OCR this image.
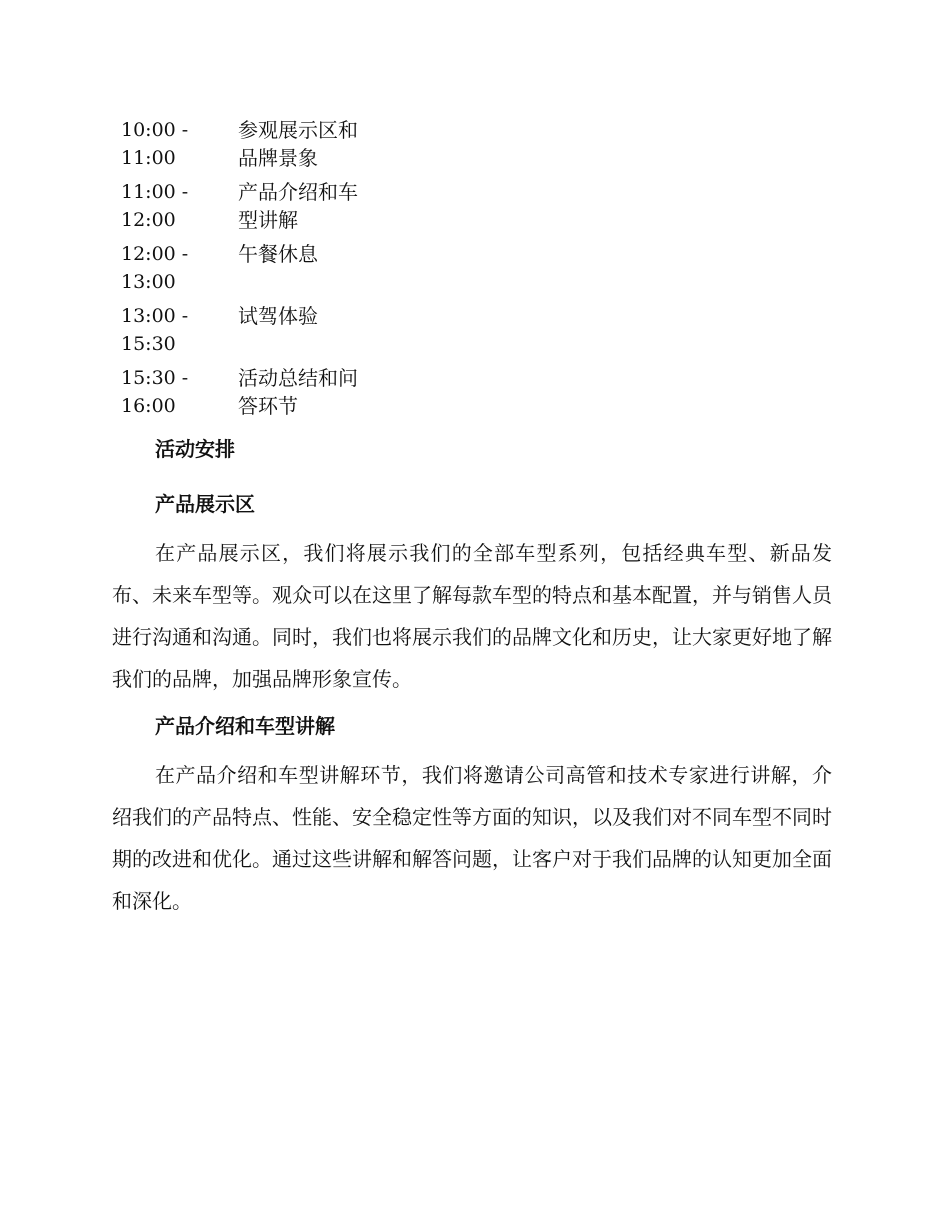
10:00 - 11:00
参观展示区和品牌景象
11:00 - 12:00
产品介绍和车型讲解
12:00 - 13:00
午餐休息
13:00 - 15:30
试驾体验
15:30 - 16:00
活动总结和问答环节
活动安排
产品展示区

在产品展示区，我们将展示我们的全部车型系列，包括经典车型、新品发布、未来车型等。观众可以在这里了解每款车型的特点和基本配置，并与销售人员进行沟通和沟通。同时，我们也将展示我们的品牌文化和历史，让大家更好地了解我们的品牌，加强品牌形象宣传。

产品介绍和车型讲解

在产品介绍和车型讲解环节，我们将邀请公司高管和技术专家进行讲解，介绍我们的产品特点、性能、安全稳定性等方面的知识，以及我们对不同车型不同时期的改进和优化。通过这些讲解和解答问题，让客户对于我们品牌的认知更加全面和深化。
